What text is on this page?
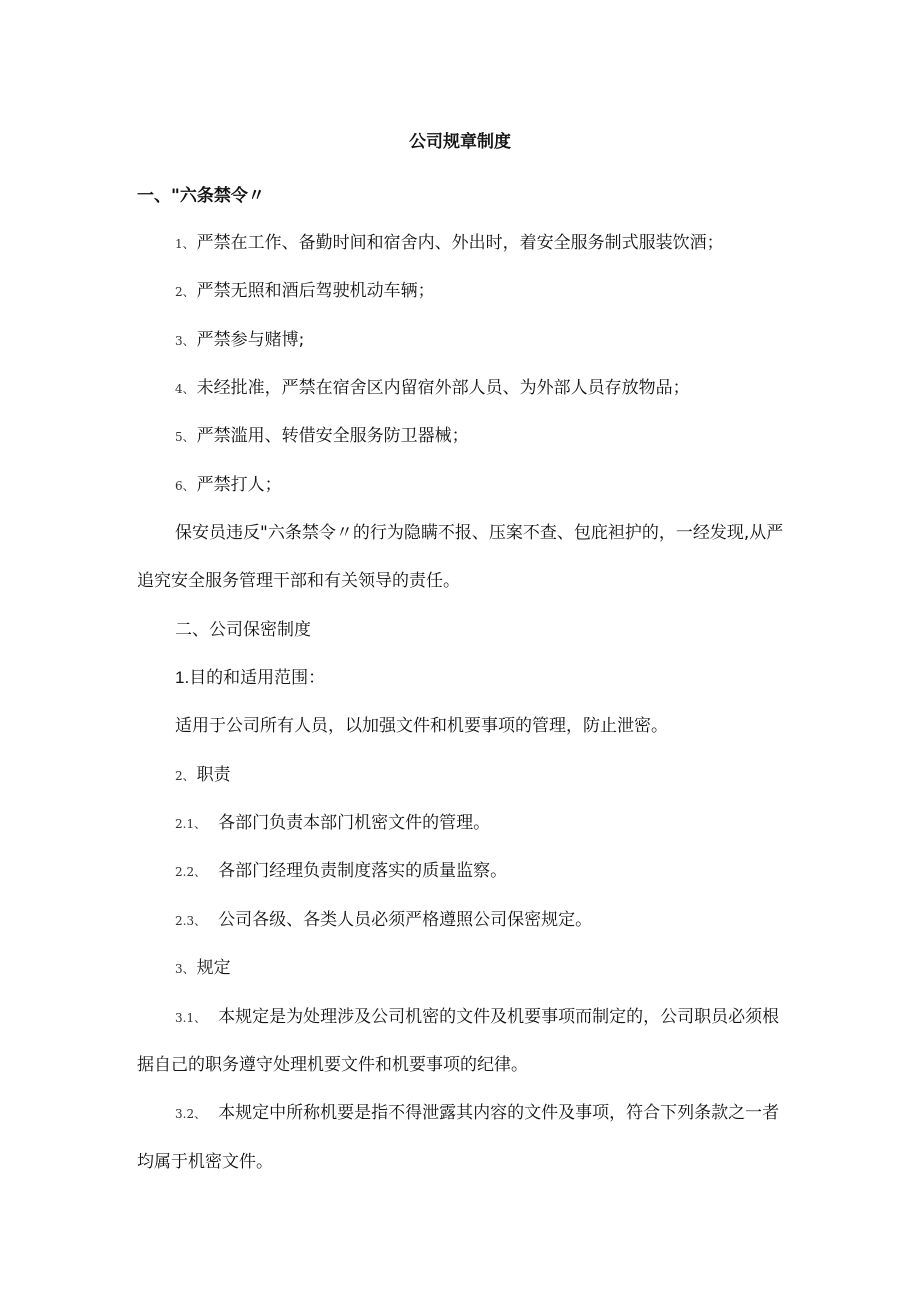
公司规章制度
一、"六条禁令〃
1、 严禁在工作、备勤时间和宿舍内、外出时，着安全服务制式服装饮酒；
2、 严禁无照和酒后驾驶机动车辆；
3、 严禁参与赌博;
4、 未经批准，严禁在宿舍区内留宿外部人员、为外部人员存放物品；
5、 严禁滥用、转借安全服务防卫器械；
6、 严禁打人；
保安员违反"六条禁令〃的行为隐瞒不报、压案不查、包庇袒护的，一经发现,从严
追究安全服务管理干部和有关领导的责任。
二、公司保密制度
1.目的和适用范围：
适用于公司所有人员，以加强文件和机要事项的管理，防止泄密。
2、 职责
2.1、 各部门负责本部门机密文件的管理。
2.2、 各部门经理负责制度落实的质量监察。
2.3、 公司各级、各类人员必须严格遵照公司保密规定。
3、 规定
3.1、 本规定是为处理涉及公司机密的文件及机要事项而制定的，公司职员必须根
据自己的职务遵守处理机要文件和机要事项的纪律。
3.2、 本规定中所称机要是指不得泄露其内容的文件及事项，符合下列条款之一者
均属于机密文件。
